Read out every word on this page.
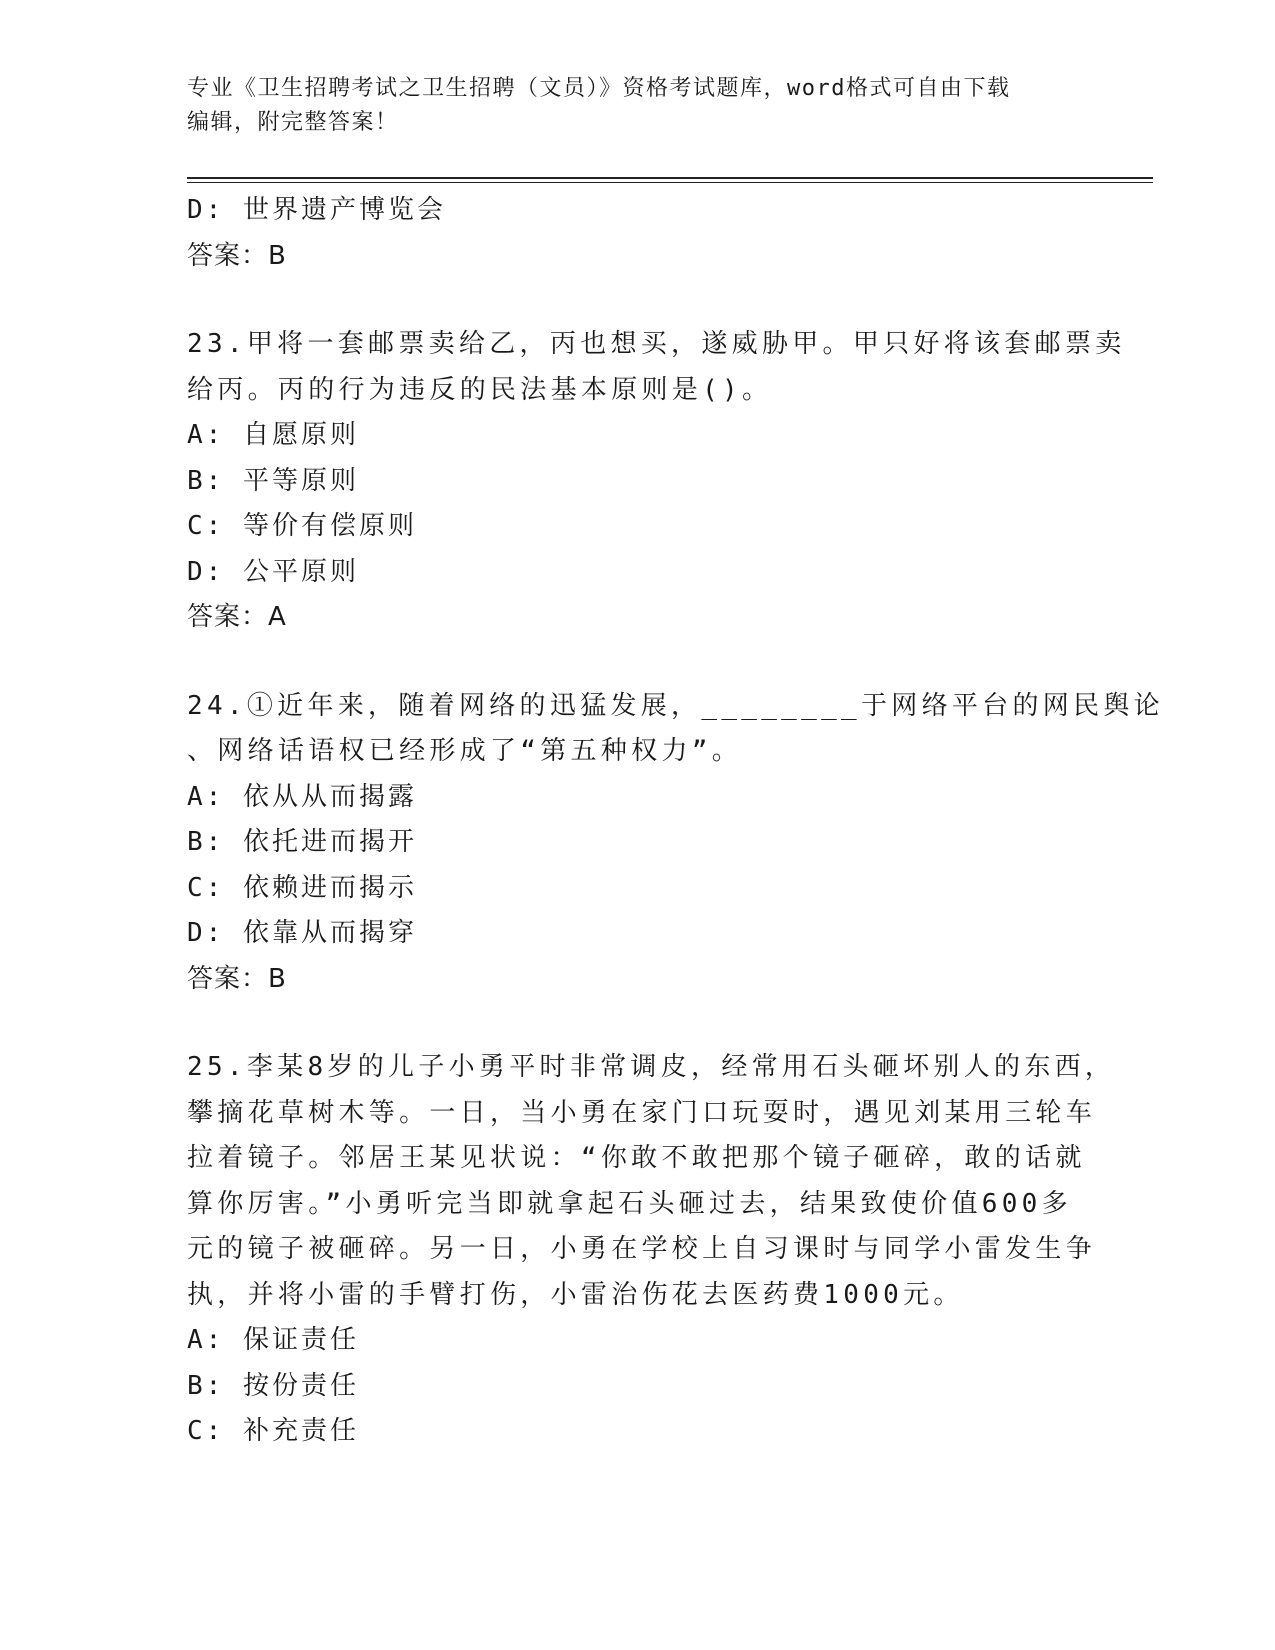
专业《卫生招聘考试之卫生招聘（文员）》资格考试题库，word格式可自由下载
编辑，附完整答案！
D: 世界遗产博览会
答案：B
23.甲将一套邮票卖给乙，丙也想买，遂威胁甲。甲只好将该套邮票卖
给丙。丙的行为违反的民法基本原则是()。
A: 自愿原则
B: 平等原则
C: 等价有偿原则
D: 公平原则
答案：A
24.①近年来，随着网络的迅猛发展，________于网络平台的网民舆论
、网络话语权已经形成了“第五种权力”。
A: 依从从而揭露
B: 依托进而揭开
C: 依赖进而揭示
D: 依靠从而揭穿
答案：B
25.李某8岁的儿子小勇平时非常调皮，经常用石头砸坏别人的东西，
攀摘花草树木等。一日，当小勇在家门口玩耍时，遇见刘某用三轮车
拉着镜子。邻居王某见状说：“你敢不敢把那个镜子砸碎，敢的话就
算你厉害。”小勇听完当即就拿起石头砸过去，结果致使价值600多
元的镜子被砸碎。另一日，小勇在学校上自习课时与同学小雷发生争
执，并将小雷的手臂打伤，小雷治伤花去医药费1000元。
A: 保证责任
B: 按份责任
C: 补充责任
